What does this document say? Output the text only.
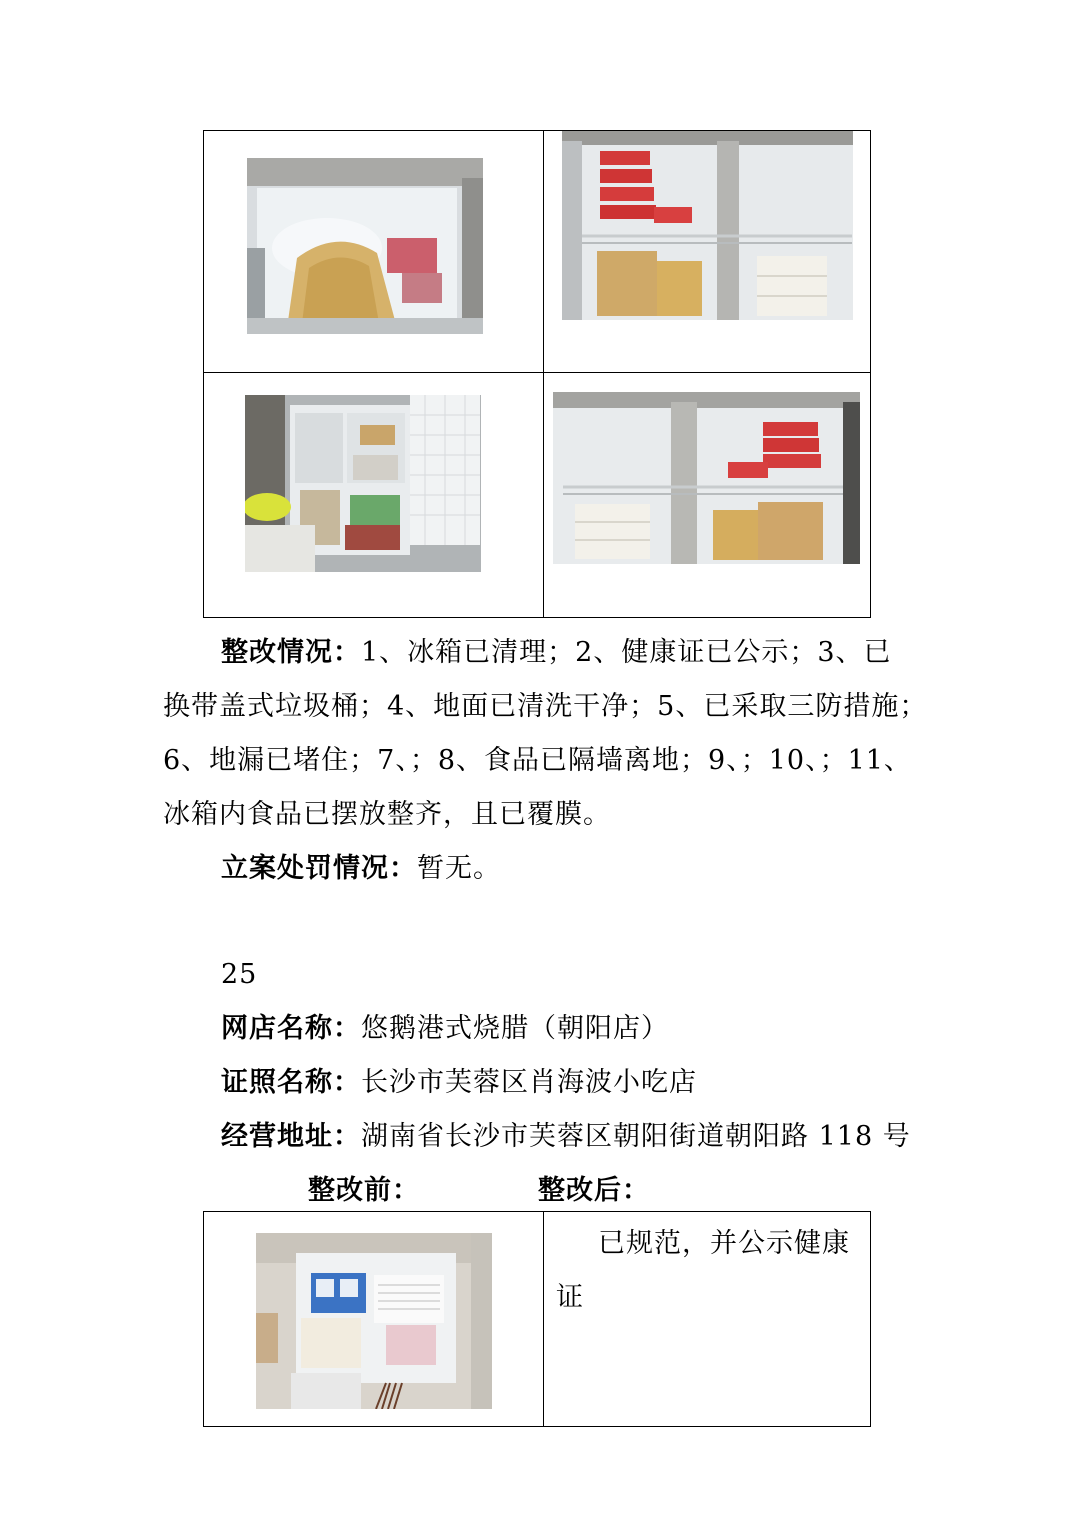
整改情况：1、冰箱已清理；2、健康证已公示；3、已
换带盖式垃圾桶；4、地面已清洗干净；5、已采取三防措施；
6、地漏已堵住；7、；8、食品已隔墙离地；9、；10、；11、
冰箱内食品已摆放整齐，且已覆膜。
立案处罚情况：暂无。
25
网店名称：悠鹅港式烧腊（朝阳店）
证照名称：长沙市芙蓉区肖海波小吃店
经营地址：湖南省长沙市芙蓉区朝阳街道朝阳路 118 号
整改前：	整改后：
已规范，并公示健康
证
